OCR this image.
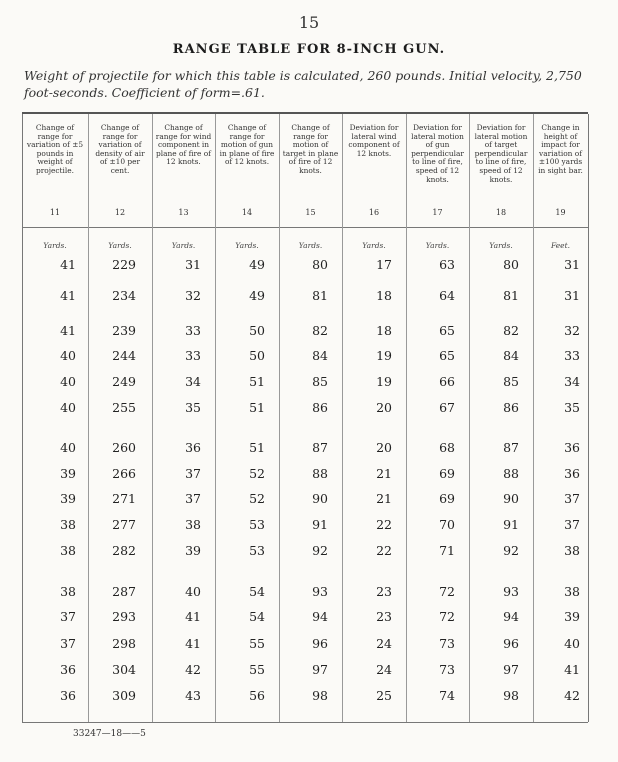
15
RANGE TABLE FOR 8-INCH GUN.
Weight of projectile for which this table is calculated, 260 pounds. Initial velocity, 2,750 foot-seconds. Coefficient of form=.61.
Change of range for variation of ±5 pounds in weight of projectile.
11
Yards.
Change of range for variation of density of air of ±10 per cent.
12
Yards.
Change of range for wind component in plane of fire of 12 knots.
13
Yards.
Change of range for motion of gun in plane of fire of 12 knots.
14
Yards.
Change of range for motion of target in plane of fire of 12 knots.
15
Yards.
Deviation for lateral wind component of 12 knots.
16
Yards.
Deviation for lateral motion of gun perpendicular to line of fire, speed of 12 knots.
17
Yards.
Deviation for lateral motion of target perpendicular to line of fire, speed of 12 knots.
18
Yards.
Change in height of impact for variation of ±100 yards in sight bar.
19
Feet.
41	229	31	49	80	17	63	80	31
41	234	32	49	81	18	64	81	31
41	239	33	50	82	18	65	82	32
40	244	33	50	84	19	65	84	33
40	249	34	51	85	19	66	85	34
40	255	35	51	86	20	67	86	35
40	260	36	51	87	20	68	87	36
39	266	37	52	88	21	69	88	36
39	271	37	52	90	21	69	90	37
38	277	38	53	91	22	70	91	37
38	282	39	53	92	22	71	92	38
38	287	40	54	93	23	72	93	38
37	293	41	54	94	23	72	94	39
37	298	41	55	96	24	73	96	40
36	304	42	55	97	24	73	97	41
36	309	43	56	98	25	74	98	42
33247—18——5
